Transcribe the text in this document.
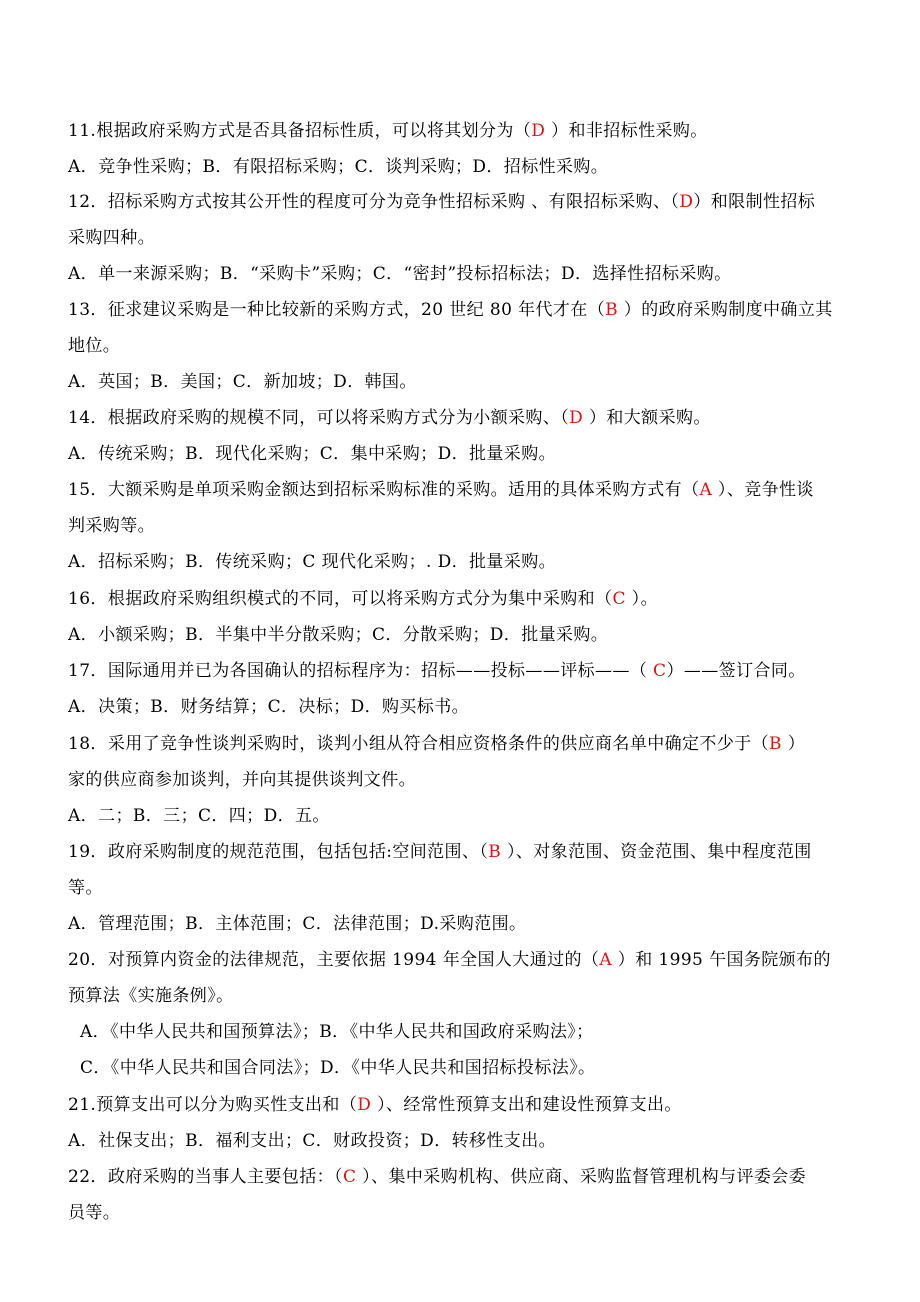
11.根据政府采购方式是否具备招标性质，可以将其划分为（D ）和非招标性采购。
A．竞争性采购；B．有限招标采购；C．谈判采购；D．招标性采购。
12．招标采购方式按其公开性的程度可分为竞争性招标采购 、有限招标采购、（D）和限制性招标
采购四种。
A．单一来源采购；B．“采购卡”采购；C．“密封”投标招标法；D．选择性招标采购。
13．征求建议采购是一种比较新的采购方式，20 世纪 80 年代才在（B ）的政府采购制度中确立其
地位。
A．英国；B．美国；C．新加坡；D．韩国。
14．根据政府采购的规模不同，可以将采购方式分为小额采购、（D ）和大额采购。
A．传统采购；B．现代化采购；C．集中采购；D．批量采购。
15．大额采购是单项采购金额达到招标采购标准的采购。适用的具体采购方式有（A ）、竞争性谈
判采购等。
A．招标采购；B．传统采购；C 现代化采购；. D．批量采购。
16．根据政府采购组织模式的不同，可以将采购方式分为集中采购和（C ）。
A．小额采购；B．半集中半分散采购；C．分散采购；D．批量采购。
17．国际通用并已为各国确认的招标程序为：招标——投标——评标——（ C）——签订合同。
A．决策；B．财务结算；C．决标；D．购买标书。
18．采用了竞争性谈判采购时，谈判小组从符合相应资格条件的供应商名单中确定不少于（B ）
家的供应商参加谈判，并向其提供谈判文件。
A．二；B．三；C．四；D．五。
19．政府采购制度的规范范围，包括包括:空间范围、（B ）、对象范围、资金范围、集中程度范围
等。
A．管理范围；B．主体范围；C．法律范围；D.采购范围。
20．对预算内资金的法律规范，主要依据 1994 年全国人大通过的（A ）和 1995 午国务院颁布的
预算法《实施条例》。
A．《中华人民共和国预算法》；B．《中华人民共和国政府采购法》；
C．《中华人民共和国合同法》；D．《中华人民共和国招标投标法》。
21.预算支出可以分为购买性支出和（D ）、经常性预算支出和建设性预算支出。
A．社保支出；B．福利支出；C．财政投资；D．转移性支出。
22．政府采购的当事人主要包括：（C ）、集中采购机构、供应商、采购监督管理机构与评委会委
员等。
